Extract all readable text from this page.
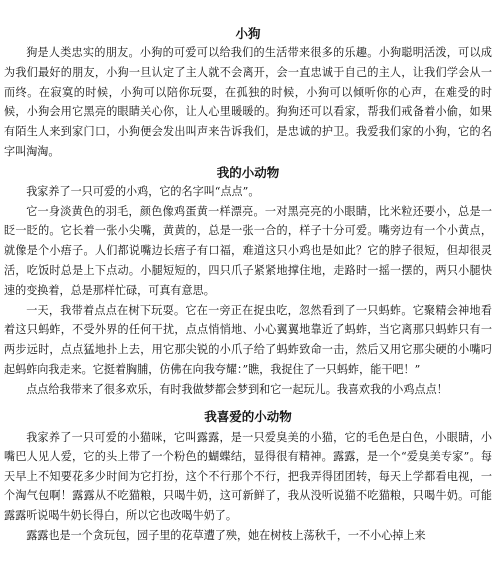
小狗

狗是人类忠实的朋友。小狗的可爱可以给我们的生活带来很多的乐趣。小狗聪明活泼，可以成为我们最好的朋友，小狗一旦认定了主人就不会离开，会一直忠诚于自己的主人，让我们学会从一而终。在寂寞的时候，小狗可以陪你玩耍，在孤独的时候，小狗可以倾听你的心声，在难受的时候，小狗会用它黑亮的眼睛关心你，让人心里暖暖的。狗狗还可以看家，帮我们戒备着小偷，如果有陌生人来到家门口，小狗便会发出叫声来告诉我们，是忠诚的护卫。我爱我们家的小狗，它的名字叫淘淘。

我的小动物

我家养了一只可爱的小鸡，它的名字叫“点点”。

它一身淡黄色的羽毛，颜色像鸡蛋黄一样漂亮。一对黑亮亮的小眼睛，比米粒还要小，总是一眨一眨的。它长着一张小尖嘴，黄黄的，总是一张一合的，样子十分可爱。嘴旁边有一个小黄点，就像是个小痦子。人们都说嘴边长痦子有口福，难道这只小鸡也是如此？它的脖子很短，但却很灵活，吃饭时总是上下点动。小腿短短的，四只爪子紧紧地撑住地，走路时一摇一摆的，两只小腿快速的变换着，总是那样忙碌，可真有意思。

一天，我带着点点在树下玩耍。它在一旁正在捉虫吃，忽然看到了一只蚂蚱。它聚精会神地看着这只蚂蚱，不受外界的任何干扰，点点悄悄地、小心翼翼地靠近了蚂蚱，当它离那只蚂蚱只有一两步远时，点点猛地扑上去，用它那尖锐的小爪子给了蚂蚱致命一击，然后又用它那尖硬的小嘴叼起蚂蚱向我走来。它挺着胸脯，仿佛在向我夸耀：”瞧，我捉住了一只蚂蚱，能干吧！”

点点给我带来了很多欢乐，有时我做梦都会梦到和它一起玩儿。我喜欢我的小鸡点点！

我喜爱的小动物

我家养了一只可爱的小猫咪，它叫露露，是一只爱臭美的小猫，它的毛色是白色，小眼睛，小嘴巴人见人爱，它的头上带了一个粉色的蝴蝶结，显得很有精神。露露，是一个“爱臭美专家”。每天早上不知要花多少时间为它打扮，这个不行那个不行，把我弄得团团转，每天上学都看电视，一个淘气包啊！露露从不吃猫粮，只喝牛奶，这可新鲜了，我从没听说猫不吃猫粮，只喝牛奶。可能露露听说喝牛奶长得白，所以它也改喝牛奶了。

露露也是一个贪玩包，园子里的花草遭了殃，她在树枝上荡秋千，一不小心掉上来
